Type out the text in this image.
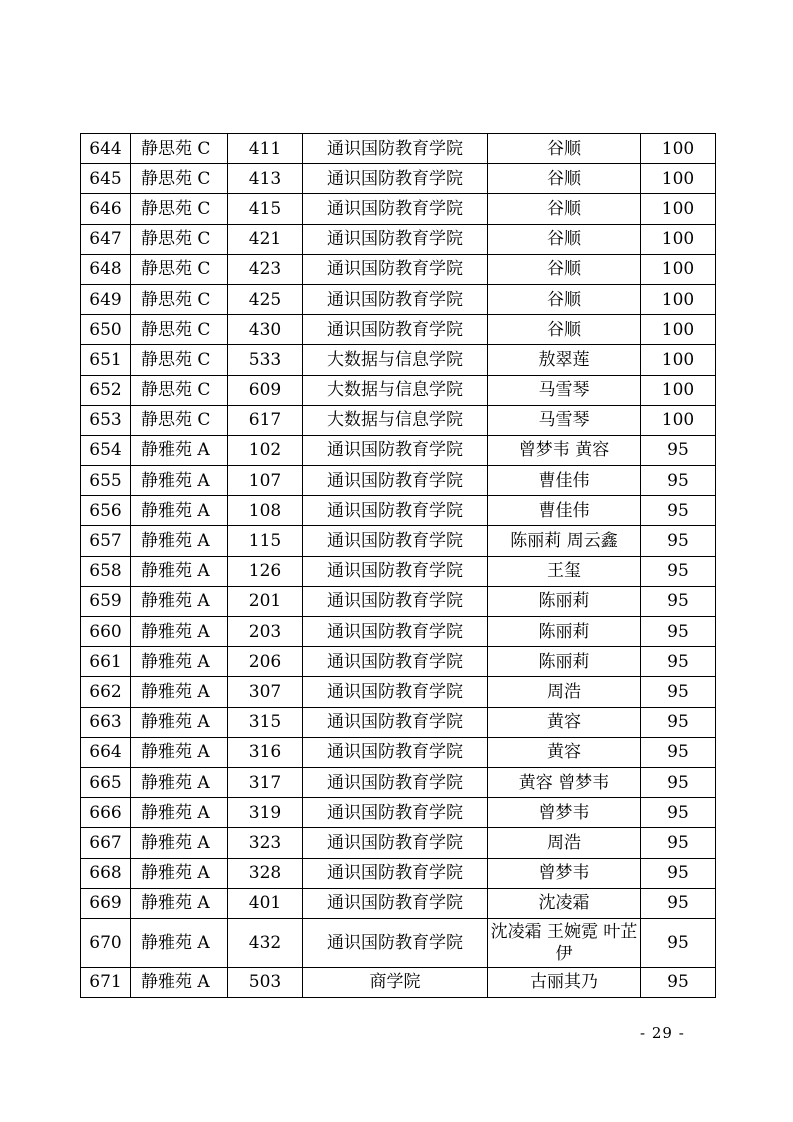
644	静思苑 C	411	通识国防教育学院	谷顺	100
645	静思苑 C	413	通识国防教育学院	谷顺	100
646	静思苑 C	415	通识国防教育学院	谷顺	100
647	静思苑 C	421	通识国防教育学院	谷顺	100
648	静思苑 C	423	通识国防教育学院	谷顺	100
649	静思苑 C	425	通识国防教育学院	谷顺	100
650	静思苑 C	430	通识国防教育学院	谷顺	100
651	静思苑 C	533	大数据与信息学院	敖翠莲	100
652	静思苑 C	609	大数据与信息学院	马雪琴	100
653	静思苑 C	617	大数据与信息学院	马雪琴	100
654	静雅苑 A	102	通识国防教育学院	曾梦韦 黄容	95
655	静雅苑 A	107	通识国防教育学院	曹佳伟	95
656	静雅苑 A	108	通识国防教育学院	曹佳伟	95
657	静雅苑 A	115	通识国防教育学院	陈丽莉 周云鑫	95
658	静雅苑 A	126	通识国防教育学院	王玺	95
659	静雅苑 A	201	通识国防教育学院	陈丽莉	95
660	静雅苑 A	203	通识国防教育学院	陈丽莉	95
661	静雅苑 A	206	通识国防教育学院	陈丽莉	95
662	静雅苑 A	307	通识国防教育学院	周浩	95
663	静雅苑 A	315	通识国防教育学院	黄容	95
664	静雅苑 A	316	通识国防教育学院	黄容	95
665	静雅苑 A	317	通识国防教育学院	黄容 曾梦韦	95
666	静雅苑 A	319	通识国防教育学院	曾梦韦	95
667	静雅苑 A	323	通识国防教育学院	周浩	95
668	静雅苑 A	328	通识国防教育学院	曾梦韦	95
669	静雅苑 A	401	通识国防教育学院	沈凌霜	95
670	静雅苑 A	432	通识国防教育学院	沈凌霜 王婉霓 叶芷伊	95
671	静雅苑 A	503	商学院	古丽其乃	95
- 29 -
